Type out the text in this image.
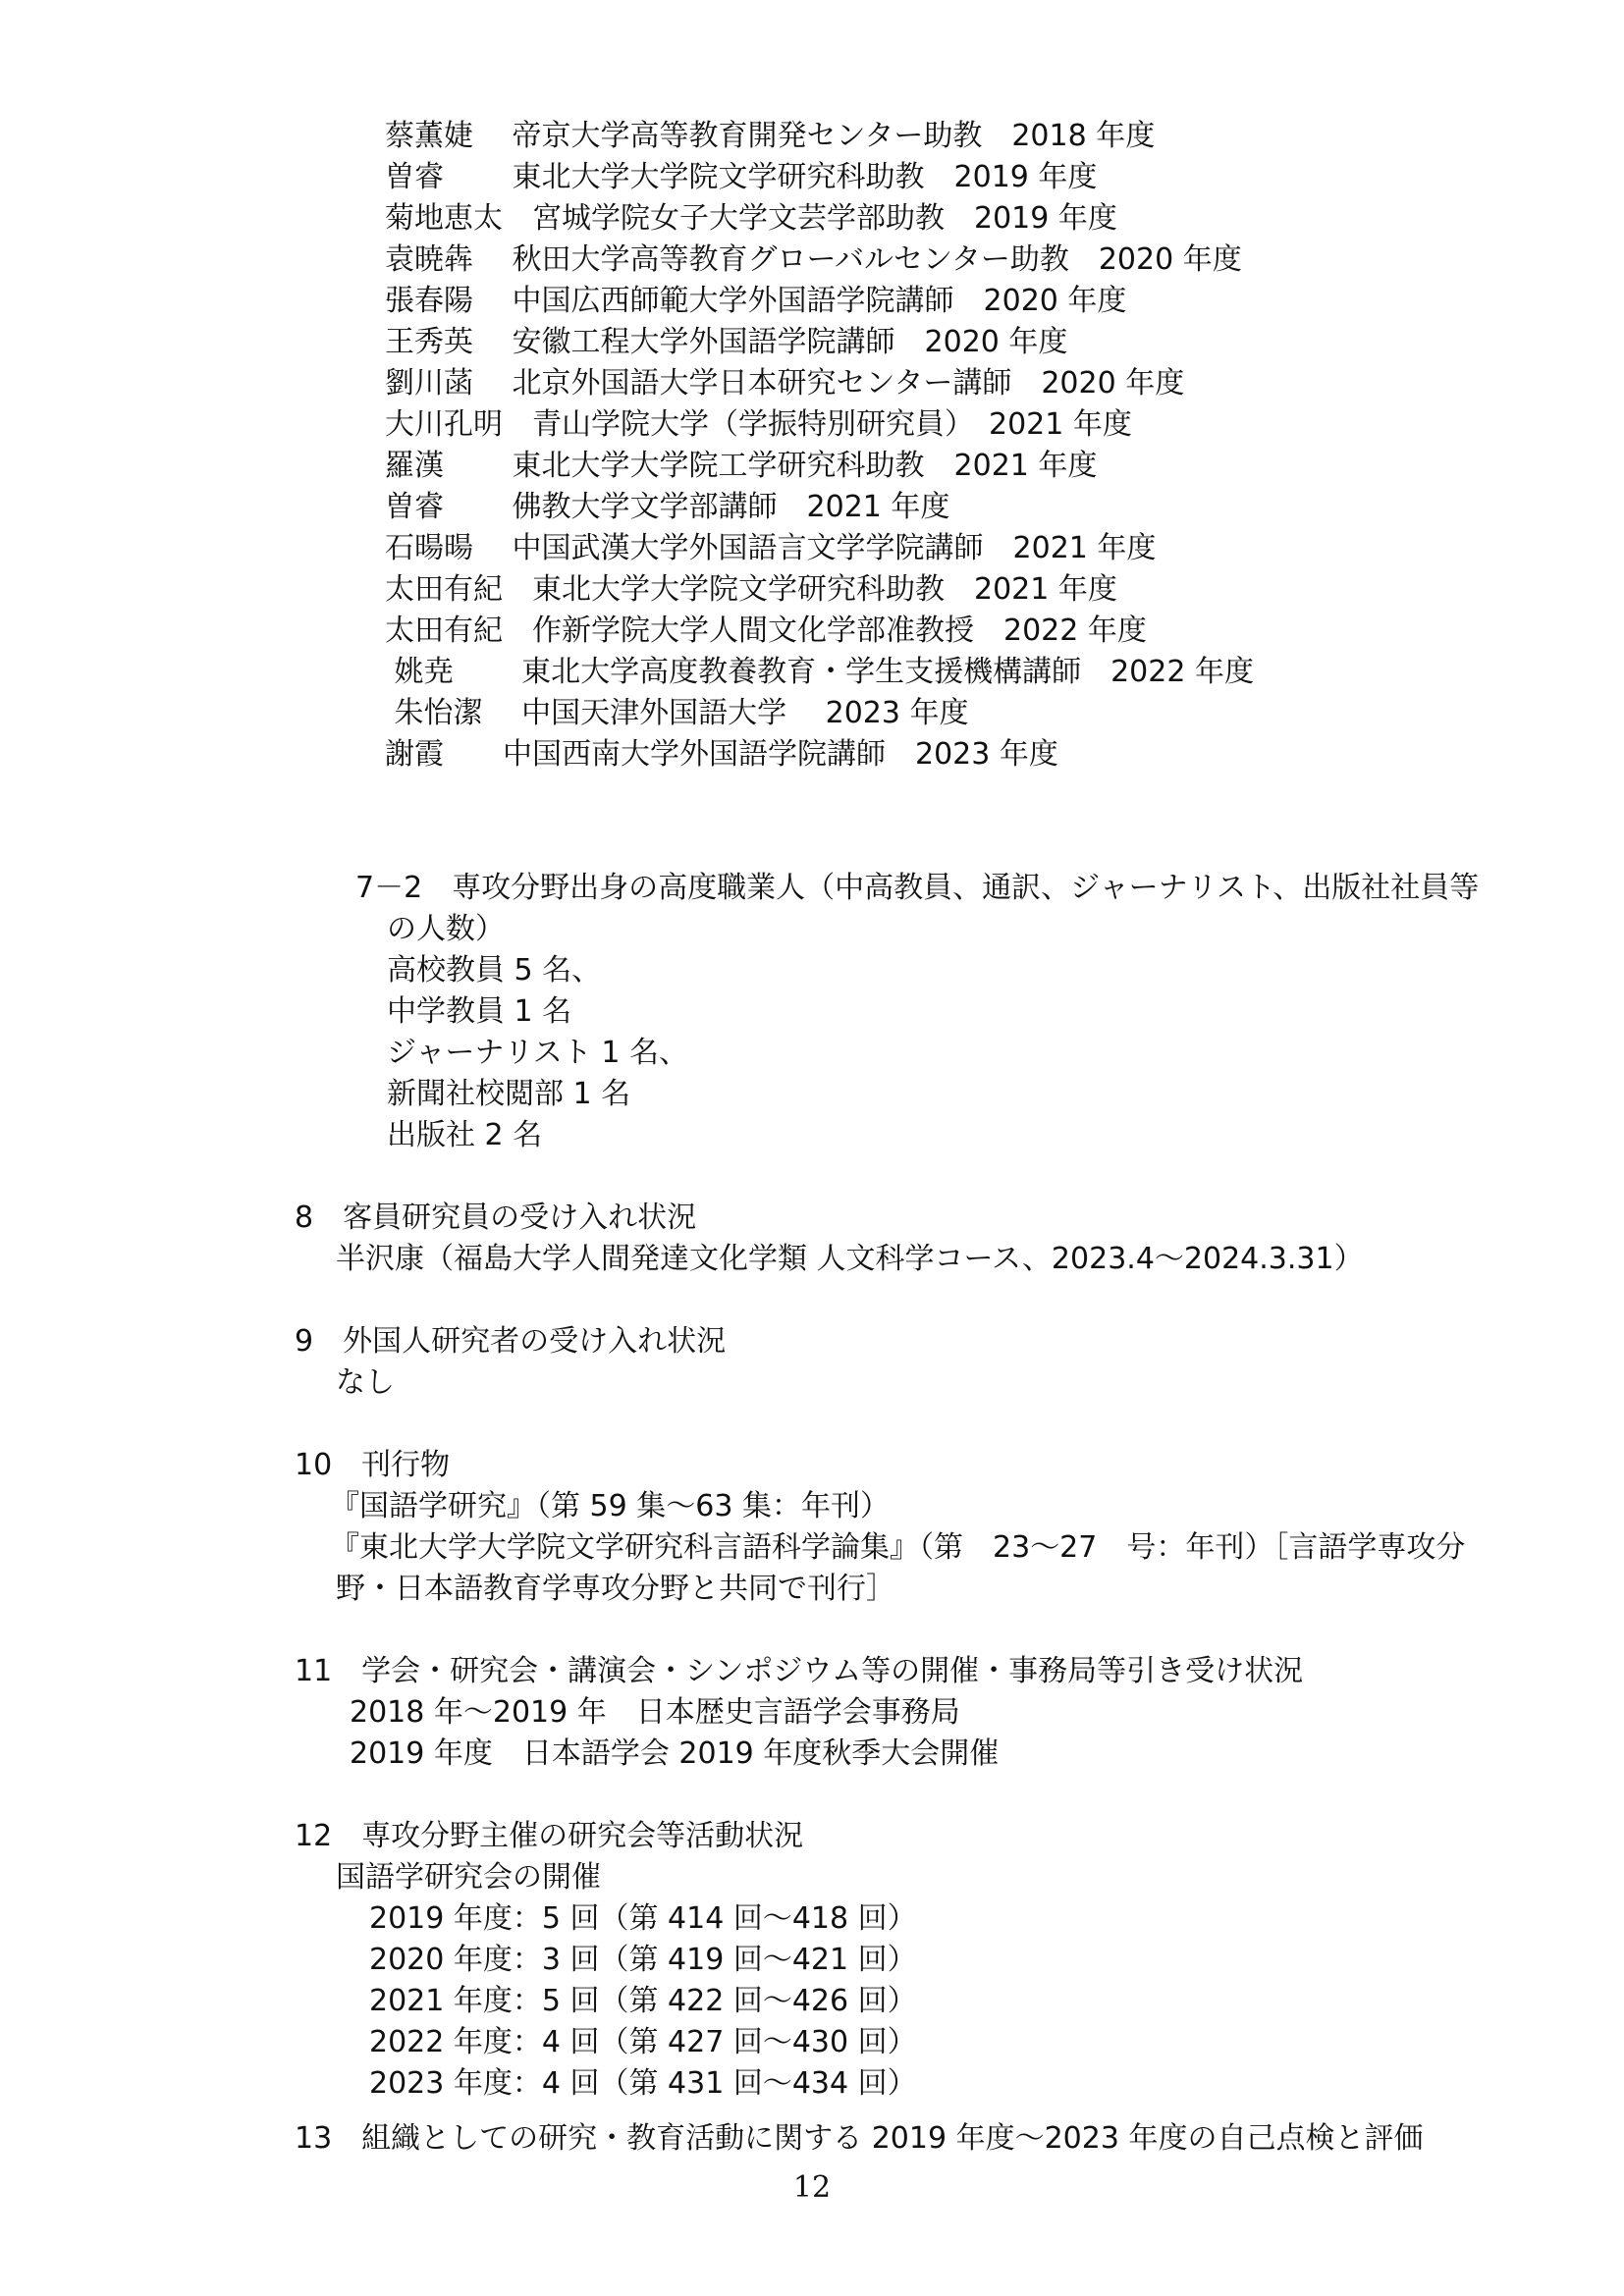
蔡薫婕　 帝京大学高等教育開発センター助教　2018 年度
曽睿　　 東北大学大学院文学研究科助教　2019 年度
菊地恵太　宮城学院女子大学文芸学部助教　2019 年度
袁暁犇　 秋田大学高等教育グローバルセンター助教　2020 年度
張春陽　 中国広西師範大学外国語学院講師　2020 年度
王秀英　 安徽工程大学外国語学院講師　2020 年度
劉川菡　 北京外国語大学日本研究センター講師　2020 年度
大川孔明　青山学院大学（学振特別研究員）　2021 年度
羅漢　　 東北大学大学院工学研究科助教　2021 年度
曽睿　　 佛教大学文学部講師　2021 年度
石暘暘　 中国武漢大学外国語言文学学院講師　2021 年度
太田有紀　東北大学大学院文学研究科助教　2021 年度
太田有紀　作新学院大学人間文化学部准教授　2022 年度
姚尭　　 東北大学高度教養教育・学生支援機構講師　2022 年度
朱怡潔　 中国天津外国語大学　 2023 年度
謝霞　　中国西南大学外国語学院講師　2023 年度
7－2　専攻分野出身の高度職業人（中高教員、通訳、ジャーナリスト、出版社社員等
の人数）
高校教員 5 名、
中学教員 1 名
ジャーナリスト 1 名、
新聞社校閲部 1 名
出版社 2 名
8　客員研究員の受け入れ状況
半沢康（福島大学人間発達文化学類 人文科学コース、2023.4～2024.3.31）
9　外国人研究者の受け入れ状況
なし
10　刊行物
『国語学研究』（第 59 集～63 集：年刊）
『東北大学大学院文学研究科言語科学論集』（第　23～27　号：年刊）［言語学専攻分
野・日本語教育学専攻分野と共同で刊行］
11　学会・研究会・講演会・シンポジウム等の開催・事務局等引き受け状況
2018 年～2019 年　日本歴史言語学会事務局
2019 年度　日本語学会 2019 年度秋季大会開催
12　専攻分野主催の研究会等活動状況
国語学研究会の開催
2019 年度：5 回（第 414 回～418 回）
2020 年度：3 回（第 419 回～421 回）
2021 年度：5 回（第 422 回～426 回）
2022 年度：4 回（第 427 回～430 回）
2023 年度：4 回（第 431 回～434 回）
13　組織としての研究・教育活動に関する 2019 年度～2023 年度の自己点検と評価
12
